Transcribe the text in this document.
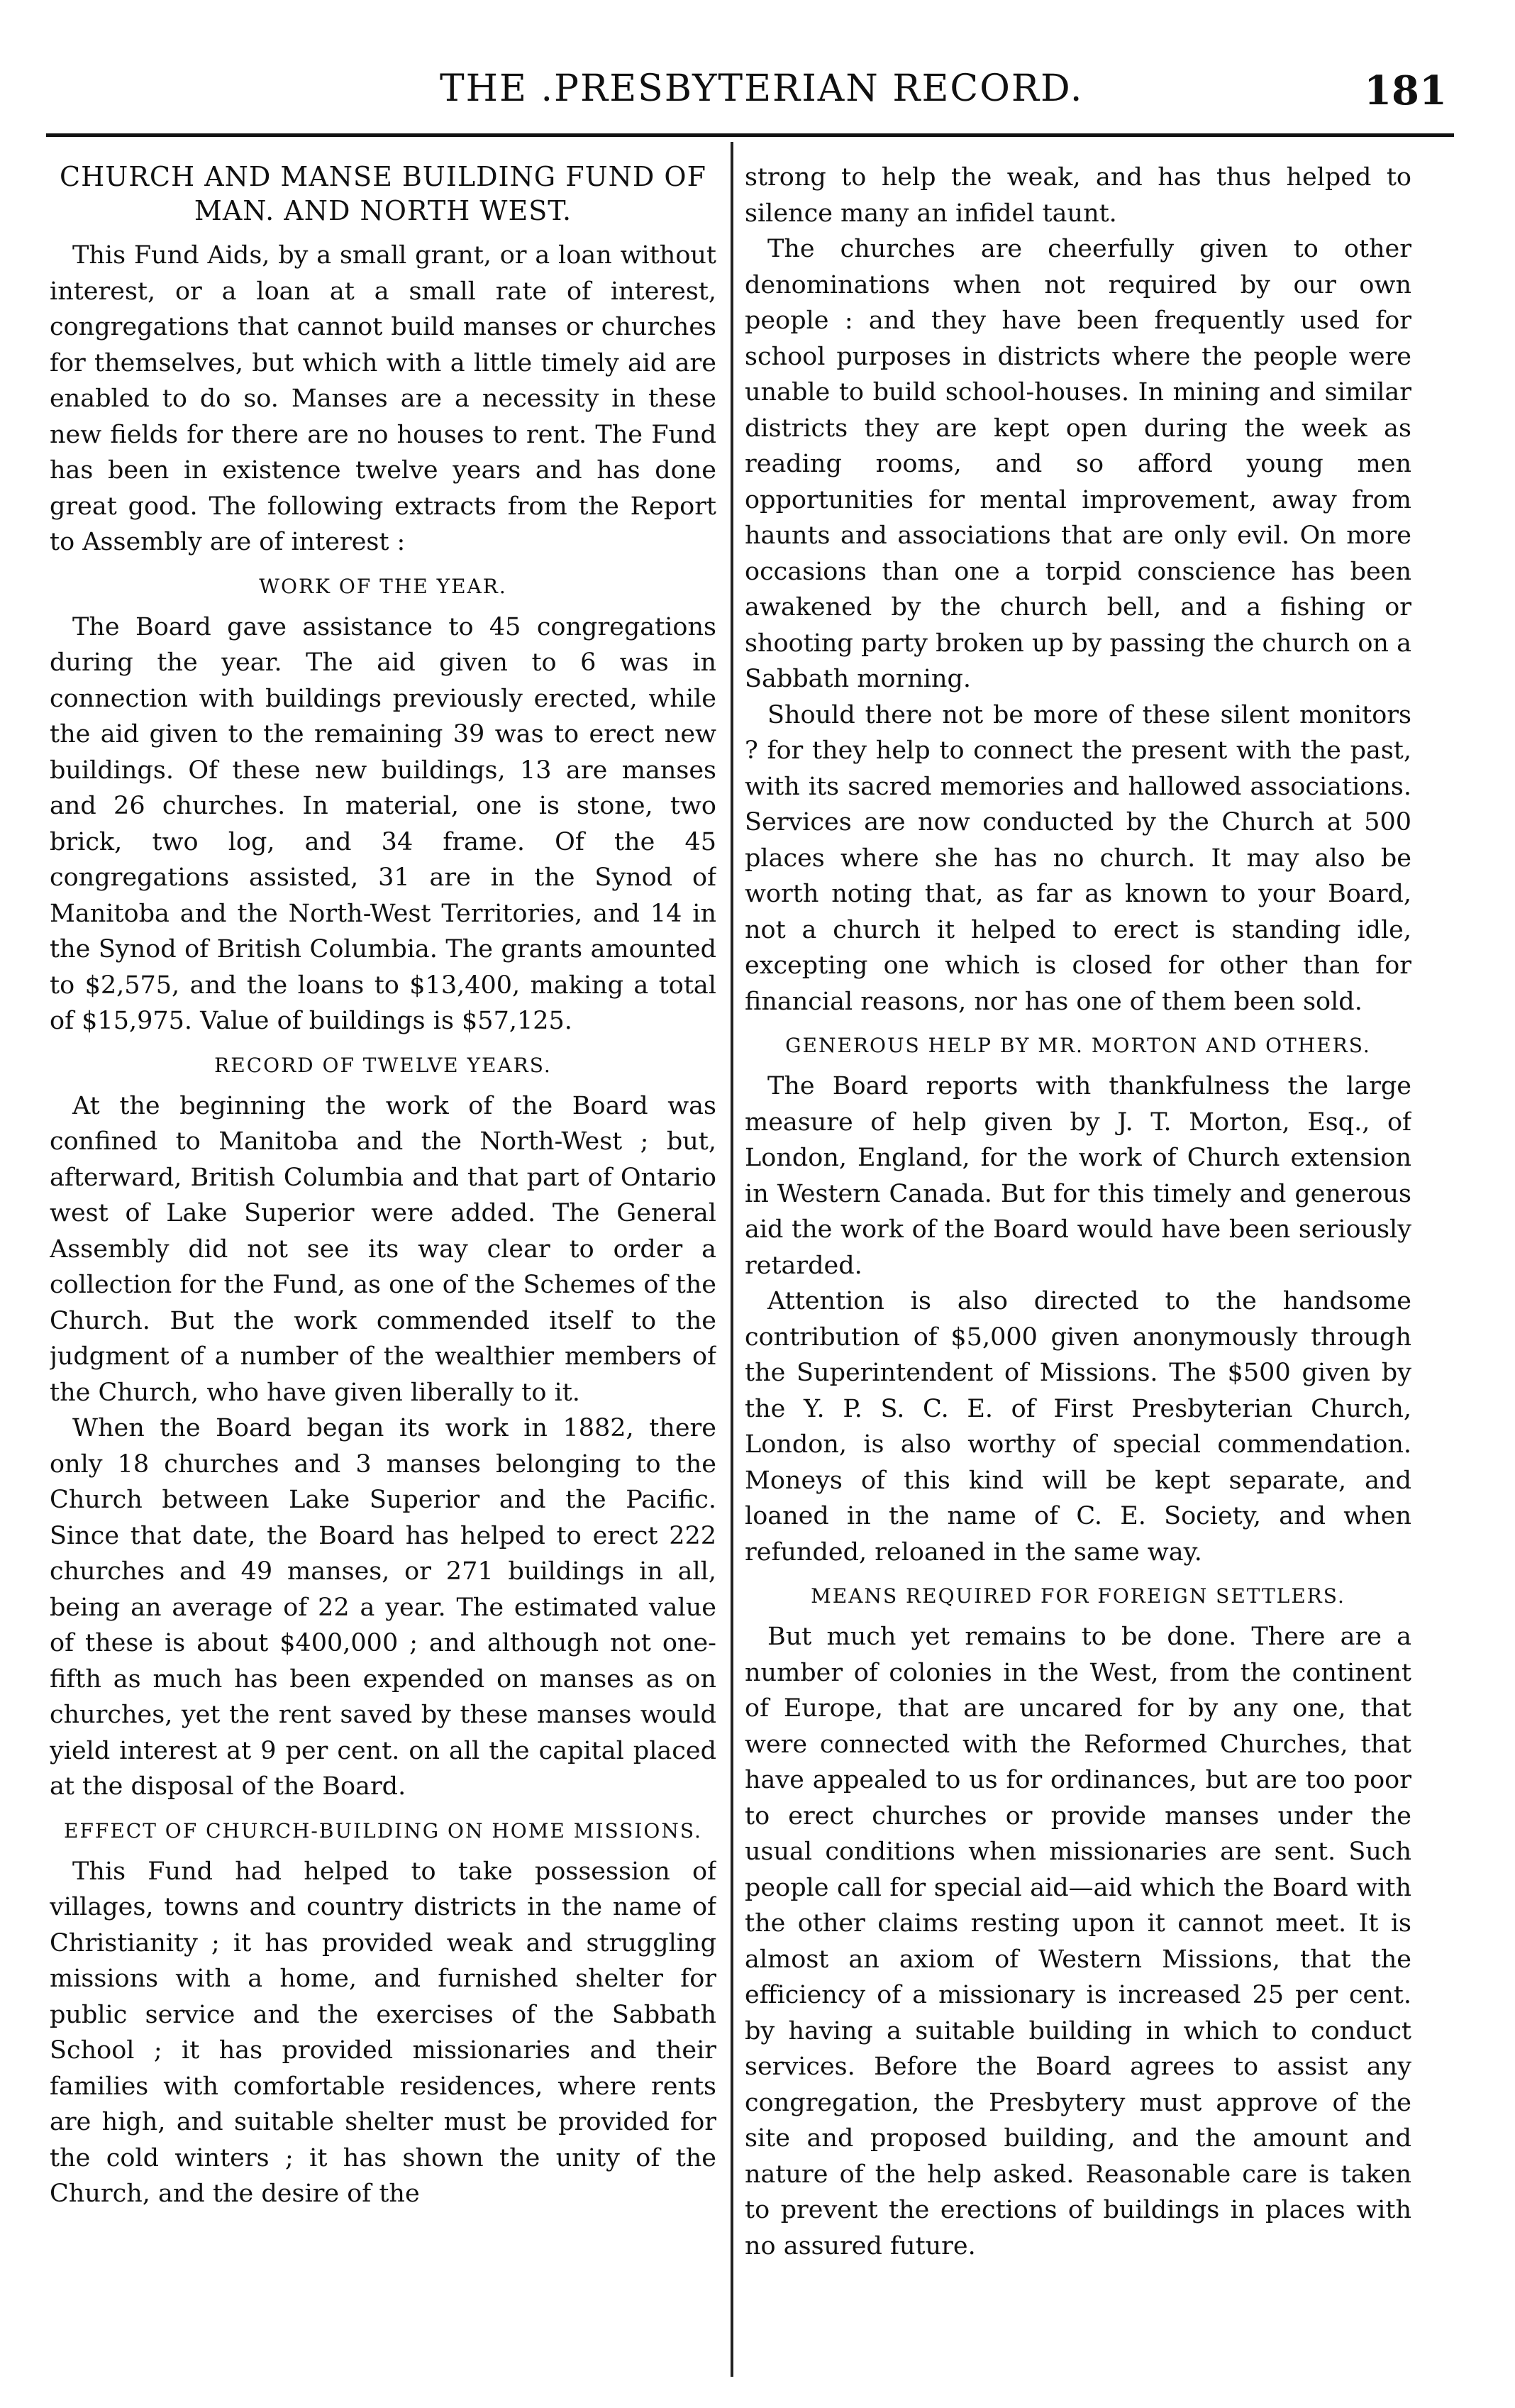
THE .PRESBYTERIAN RECORD.	181
CHURCH AND MANSE BUILDING FUND OF MAN. AND NORTH WEST.

This Fund Aids, by a small grant, or a loan without interest, or a loan at a small rate of interest, congregations that cannot build manses or churches for themselves, but which with a little timely aid are enabled to do so. Manses are a necessity in these new fields for there are no houses to rent. The Fund has been in existence twelve years and has done great good. The following extracts from the Report to Assembly are of interest :

WORK OF THE YEAR.

The Board gave assistance to 45 congregations during the year. The aid given to 6 was in connection with buildings previously erected, while the aid given to the remaining 39 was to erect new buildings. Of these new buildings, 13 are manses and 26 churches. In material, one is stone, two brick, two log, and 34 frame. Of the 45 congregations assisted, 31 are in the Synod of Manitoba and the North-West Territories, and 14 in the Synod of British Columbia. The grants amounted to $2,575, and the loans to $13,400, making a total of $15,975. Value of buildings is $57,125.

RECORD OF TWELVE YEARS.

At the beginning the work of the Board was confined to Manitoba and the North-West ; but, afterward, British Columbia and that part of Ontario west of Lake Superior were added. The General Assembly did not see its way clear to order a collection for the Fund, as one of the Schemes of the Church. But the work commended itself to the judgment of a number of the wealthier members of the Church, who have given liberally to it.

When the Board began its work in 1882, there only 18 churches and 3 manses belonging to the Church between Lake Superior and the Pacific. Since that date, the Board has helped to erect 222 churches and 49 manses, or 271 buildings in all, being an average of 22 a year. The estimated value of these is about $400,000 ; and although not one-fifth as much has been expended on manses as on churches, yet the rent saved by these manses would yield interest at 9 per cent. on all the capital placed at the disposal of the Board.

EFFECT OF CHURCH-BUILDING ON HOME MISSIONS.

This Fund had helped to take possession of villages, towns and country districts in the name of Christianity ; it has provided weak and struggling missions with a home, and furnished shelter for public service and the exercises of the Sabbath School ; it has provided missionaries and their families with comfortable residences, where rents are high, and suitable shelter must be provided for the cold winters ; it has shown the unity of the Church, and the desire of the

strong to help the weak, and has thus helped to silence many an infidel taunt.

The churches are cheerfully given to other denominations when not required by our own people : and they have been frequently used for school purposes in districts where the people were unable to build school-houses. In mining and similar districts they are kept open during the week as reading rooms, and so afford young men opportunities for mental improvement, away from haunts and associations that are only evil. On more occasions than one a torpid conscience has been awakened by the church bell, and a fishing or shooting party broken up by passing the church on a Sabbath morning.

Should there not be more of these silent monitors ? for they help to connect the present with the past, with its sacred memories and hallowed associations. Services are now conducted by the Church at 500 places where she has no church. It may also be worth noting that, as far as known to your Board, not a church it helped to erect is standing idle, excepting one which is closed for other than for financial reasons, nor has one of them been sold.

GENEROUS HELP BY MR. MORTON AND OTHERS.

The Board reports with thankfulness the large measure of help given by J. T. Morton, Esq., of London, England, for the work of Church extension in Western Canada. But for this timely and generous aid the work of the Board would have been seriously retarded.

Attention is also directed to the handsome contribution of $5,000 given anonymously through the Superintendent of Missions. The $500 given by the Y. P. S. C. E. of First Presbyterian Church, London, is also worthy of special commendation. Moneys of this kind will be kept separate, and loaned in the name of C. E. Society, and when refunded, reloaned in the same way.

MEANS REQUIRED FOR FOREIGN SETTLERS.

But much yet remains to be done. There are a number of colonies in the West, from the continent of Europe, that are uncared for by any one, that were connected with the Reformed Churches, that have appealed to us for ordinances, but are too poor to erect churches or provide manses under the usual conditions when missionaries are sent. Such people call for special aid—aid which the Board with the other claims resting upon it cannot meet. It is almost an axiom of Western Missions, that the efficiency of a missionary is increased 25 per cent. by having a suitable building in which to conduct services. Before the Board agrees to assist any congregation, the Presbytery must approve of the site and proposed building, and the amount and nature of the help asked. Reasonable care is taken to prevent the erections of buildings in places with no assured future.
